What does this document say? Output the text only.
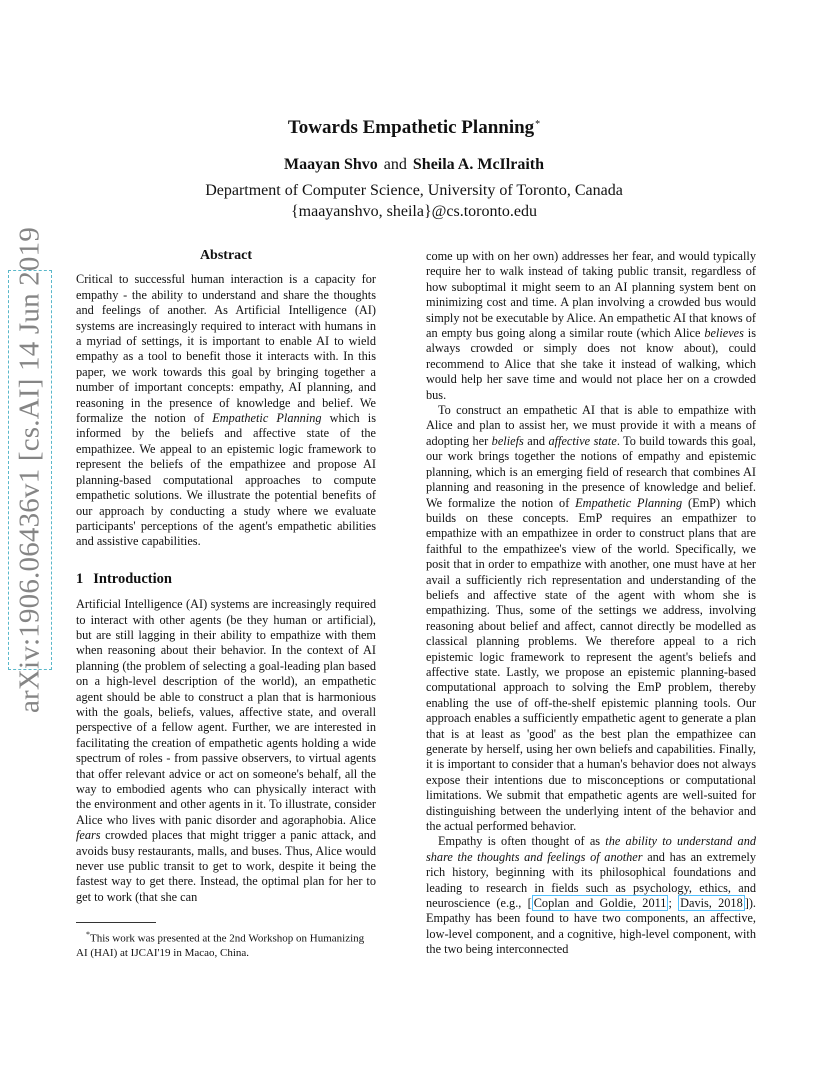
arXiv:1906.06436v1 [cs.AI] 14 Jun 2019
Towards Empathetic Planning*
Maayan Shvo and Sheila A. McIlraith
Department of Computer Science, University of Toronto, Canada
{maayanshvo, sheila}@cs.toronto.edu
Abstract

Critical to successful human interaction is a capacity for empathy - the ability to understand and share the thoughts and feelings of another. As Artificial Intelligence (AI) systems are increasingly required to interact with humans in a myriad of settings, it is important to enable AI to wield empathy as a tool to benefit those it interacts with. In this paper, we work towards this goal by bringing together a number of important concepts: empathy, AI planning, and reasoning in the presence of knowledge and belief. We formalize the notion of Empathetic Planning which is informed by the beliefs and affective state of the empathizee. We appeal to an epistemic logic framework to represent the beliefs of the empathizee and propose AI planning-based computational approaches to compute empathetic solutions. We illustrate the potential benefits of our approach by conducting a study where we evaluate participants' perceptions of the agent's empathetic abilities and assistive capabilities.

1 Introduction

Artificial Intelligence (AI) systems are increasingly required to interact with other agents (be they human or artificial), but are still lagging in their ability to empathize with them when reasoning about their behavior. In the context of AI planning (the problem of selecting a goal-leading plan based on a high-level description of the world), an empathetic agent should be able to construct a plan that is harmonious with the goals, beliefs, values, affective state, and overall perspective of a fellow agent. Further, we are interested in facilitating the creation of empathetic agents holding a wide spectrum of roles - from passive observers, to virtual agents that offer relevant advice or act on someone's behalf, all the way to embodied agents who can physically interact with the environment and other agents in it. To illustrate, consider Alice who lives with panic disorder and agoraphobia. Alice fears crowded places that might trigger a panic attack, and avoids busy restaurants, malls, and buses. Thus, Alice would never use public transit to get to work, despite it being the fastest way to get there. Instead, the optimal plan for her to get to work (that she can

come up with on her own) addresses her fear, and would typically require her to walk instead of taking public transit, regardless of how suboptimal it might seem to an AI planning system bent on minimizing cost and time. A plan involving a crowded bus would simply not be executable by Alice. An empathetic AI that knows of an empty bus going along a similar route (which Alice believes is always crowded or simply does not know about), could recommend to Alice that she take it instead of walking, which would help her save time and would not place her on a crowded bus.

To construct an empathetic AI that is able to empathize with Alice and plan to assist her, we must provide it with a means of adopting her beliefs and affective state. To build towards this goal, our work brings together the notions of empathy and epistemic planning, which is an emerging field of research that combines AI planning and reasoning in the presence of knowledge and belief. We formalize the notion of Empathetic Planning (EmP) which builds on these concepts. EmP requires an empathizer to empathize with an empathizee in order to construct plans that are faithful to the empathizee's view of the world. Specifically, we posit that in order to empathize with another, one must have at her avail a sufficiently rich representation and understanding of the beliefs and affective state of the agent with whom she is empathizing. Thus, some of the settings we address, involving reasoning about belief and affect, cannot directly be modelled as classical planning problems. We therefore appeal to a rich epistemic logic framework to represent the agent's beliefs and affective state. Lastly, we propose an epistemic planning-based computational approach to solving the EmP problem, thereby enabling the use of off-the-shelf epistemic planning tools. Our approach enables a sufficiently empathetic agent to generate a plan that is at least as 'good' as the best plan the empathizee can generate by herself, using her own beliefs and capabilities. Finally, it is important to consider that a human's behavior does not always expose their intentions due to misconceptions or computational limitations. We submit that empathetic agents are well-suited for distinguishing between the underlying intent of the behavior and the actual performed behavior.

Empathy is often thought of as the ability to understand and share the thoughts and feelings of another and has an extremely rich history, beginning with its philosophical foundations and leading to research in fields such as psychology, ethics, and neuroscience (e.g., [ Coplan and Goldie, 2011 ; Davis, 2018 ]). Empathy has been found to have two components, an affective, low-level component, and a cognitive, high-level component, with the two being interconnected

*This work was presented at the 2nd Workshop on Humanizing AI (HAI) at IJCAI'19 in Macao, China.
